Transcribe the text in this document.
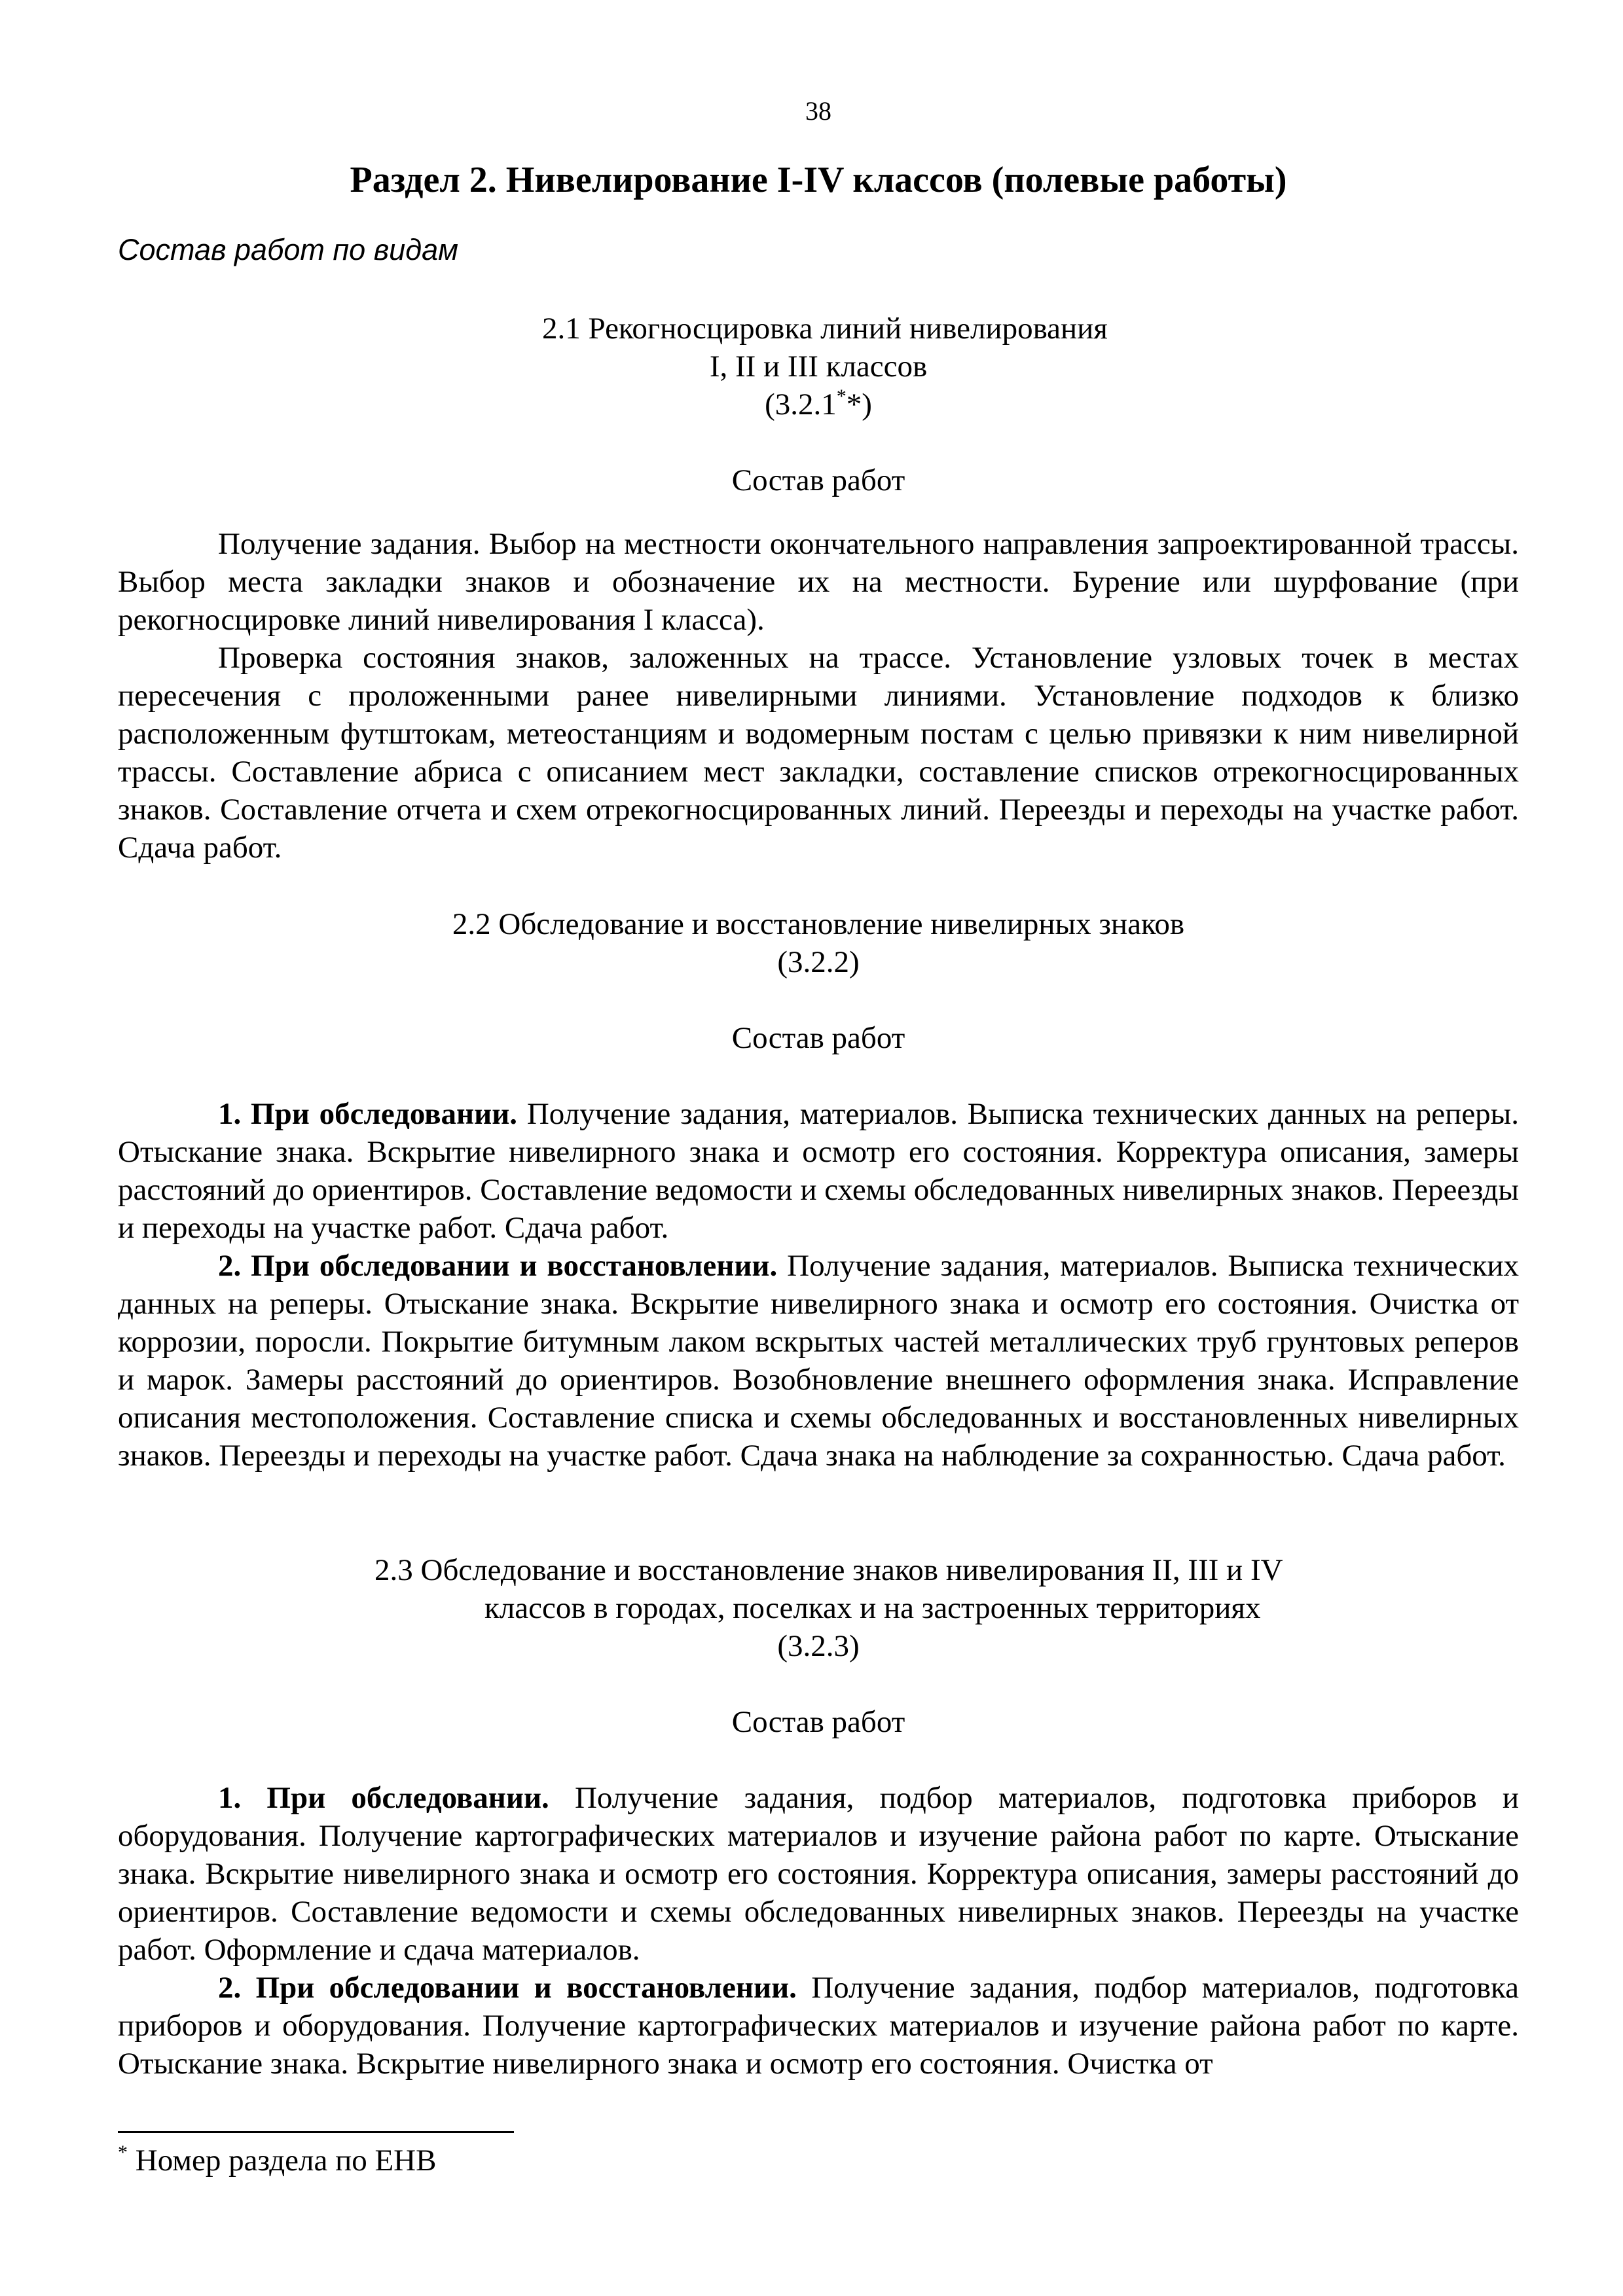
38
Раздел 2. Нивелирование I-IV классов (полевые работы)
Состав работ по видам
2.1 Рекогносцировка линий нивелирования
I, II и III классов
(3.2.1**)
Состав работ

Получение задания. Выбор на местности окончательного направления запроектированной трассы. Выбор места закладки знаков и обозначение их на местности. Бурение или шурфование (при рекогносцировке линий нивелирования I класса).

Проверка состояния знаков, заложенных на трассе. Установление узловых точек в местах пересечения с проложенными ранее нивелирными линиями. Установление подходов к близко расположенным футштокам, метеостанциям и водомерным постам с целью привязки к ним нивелирной трассы. Составление абриса с описанием мест закладки, составление списков отрекогносцированных знаков. Составление отчета и схем отрекогносцированных линий. Переезды и переходы на участке работ. Сдача работ.

2.2 Обследование и восстановление нивелирных знаков
(3.2.2)
Состав работ

1. При обследовании. Получение задания, материалов. Выписка технических данных на реперы. Отыскание знака. Вскрытие нивелирного знака и осмотр его состояния. Корректура описания, замеры расстояний до ориентиров. Составление ведомости и схемы обследованных нивелирных знаков. Переезды и переходы на участке работ. Сдача работ.

2. При обследовании и восстановлении. Получение задания, материалов. Выписка технических данных на реперы. Отыскание знака. Вскрытие нивелирного знака и осмотр его состояния. Очистка от коррозии, поросли. Покрытие битумным лаком вскрытых частей металлических труб грунтовых реперов и марок. Замеры расстояний до ориентиров. Возобновление внешнего оформления знака. Исправление описания местоположения. Составление списка и схемы обследованных и восстановленных нивелирных знаков. Переезды и переходы на участке работ. Сдача знака на наблюдение за сохранностью. Сдача работ.

2.3 Обследование и восстановление знаков нивелирования II, III и IV
классов в городах, поселках и на застроенных территориях
(3.2.3)
Состав работ

1. При обследовании. Получение задания, подбор материалов, подготовка приборов и оборудования. Получение картографических материалов и изучение района работ по карте. Отыскание знака. Вскрытие нивелирного знака и осмотр его состояния. Корректура описания, замеры расстояний до ориентиров. Составление ведомости и схемы обследованных нивелирных знаков. Переезды на участке работ. Оформление и сдача материалов.

2. При обследовании и восстановлении. Получение задания, подбор материалов, подготовка приборов и оборудования. Получение картографических материалов и изучение района работ по карте. Отыскание знака. Вскрытие нивелирного знака и осмотр его состояния. Очистка от

* Номер раздела по ЕНВ
